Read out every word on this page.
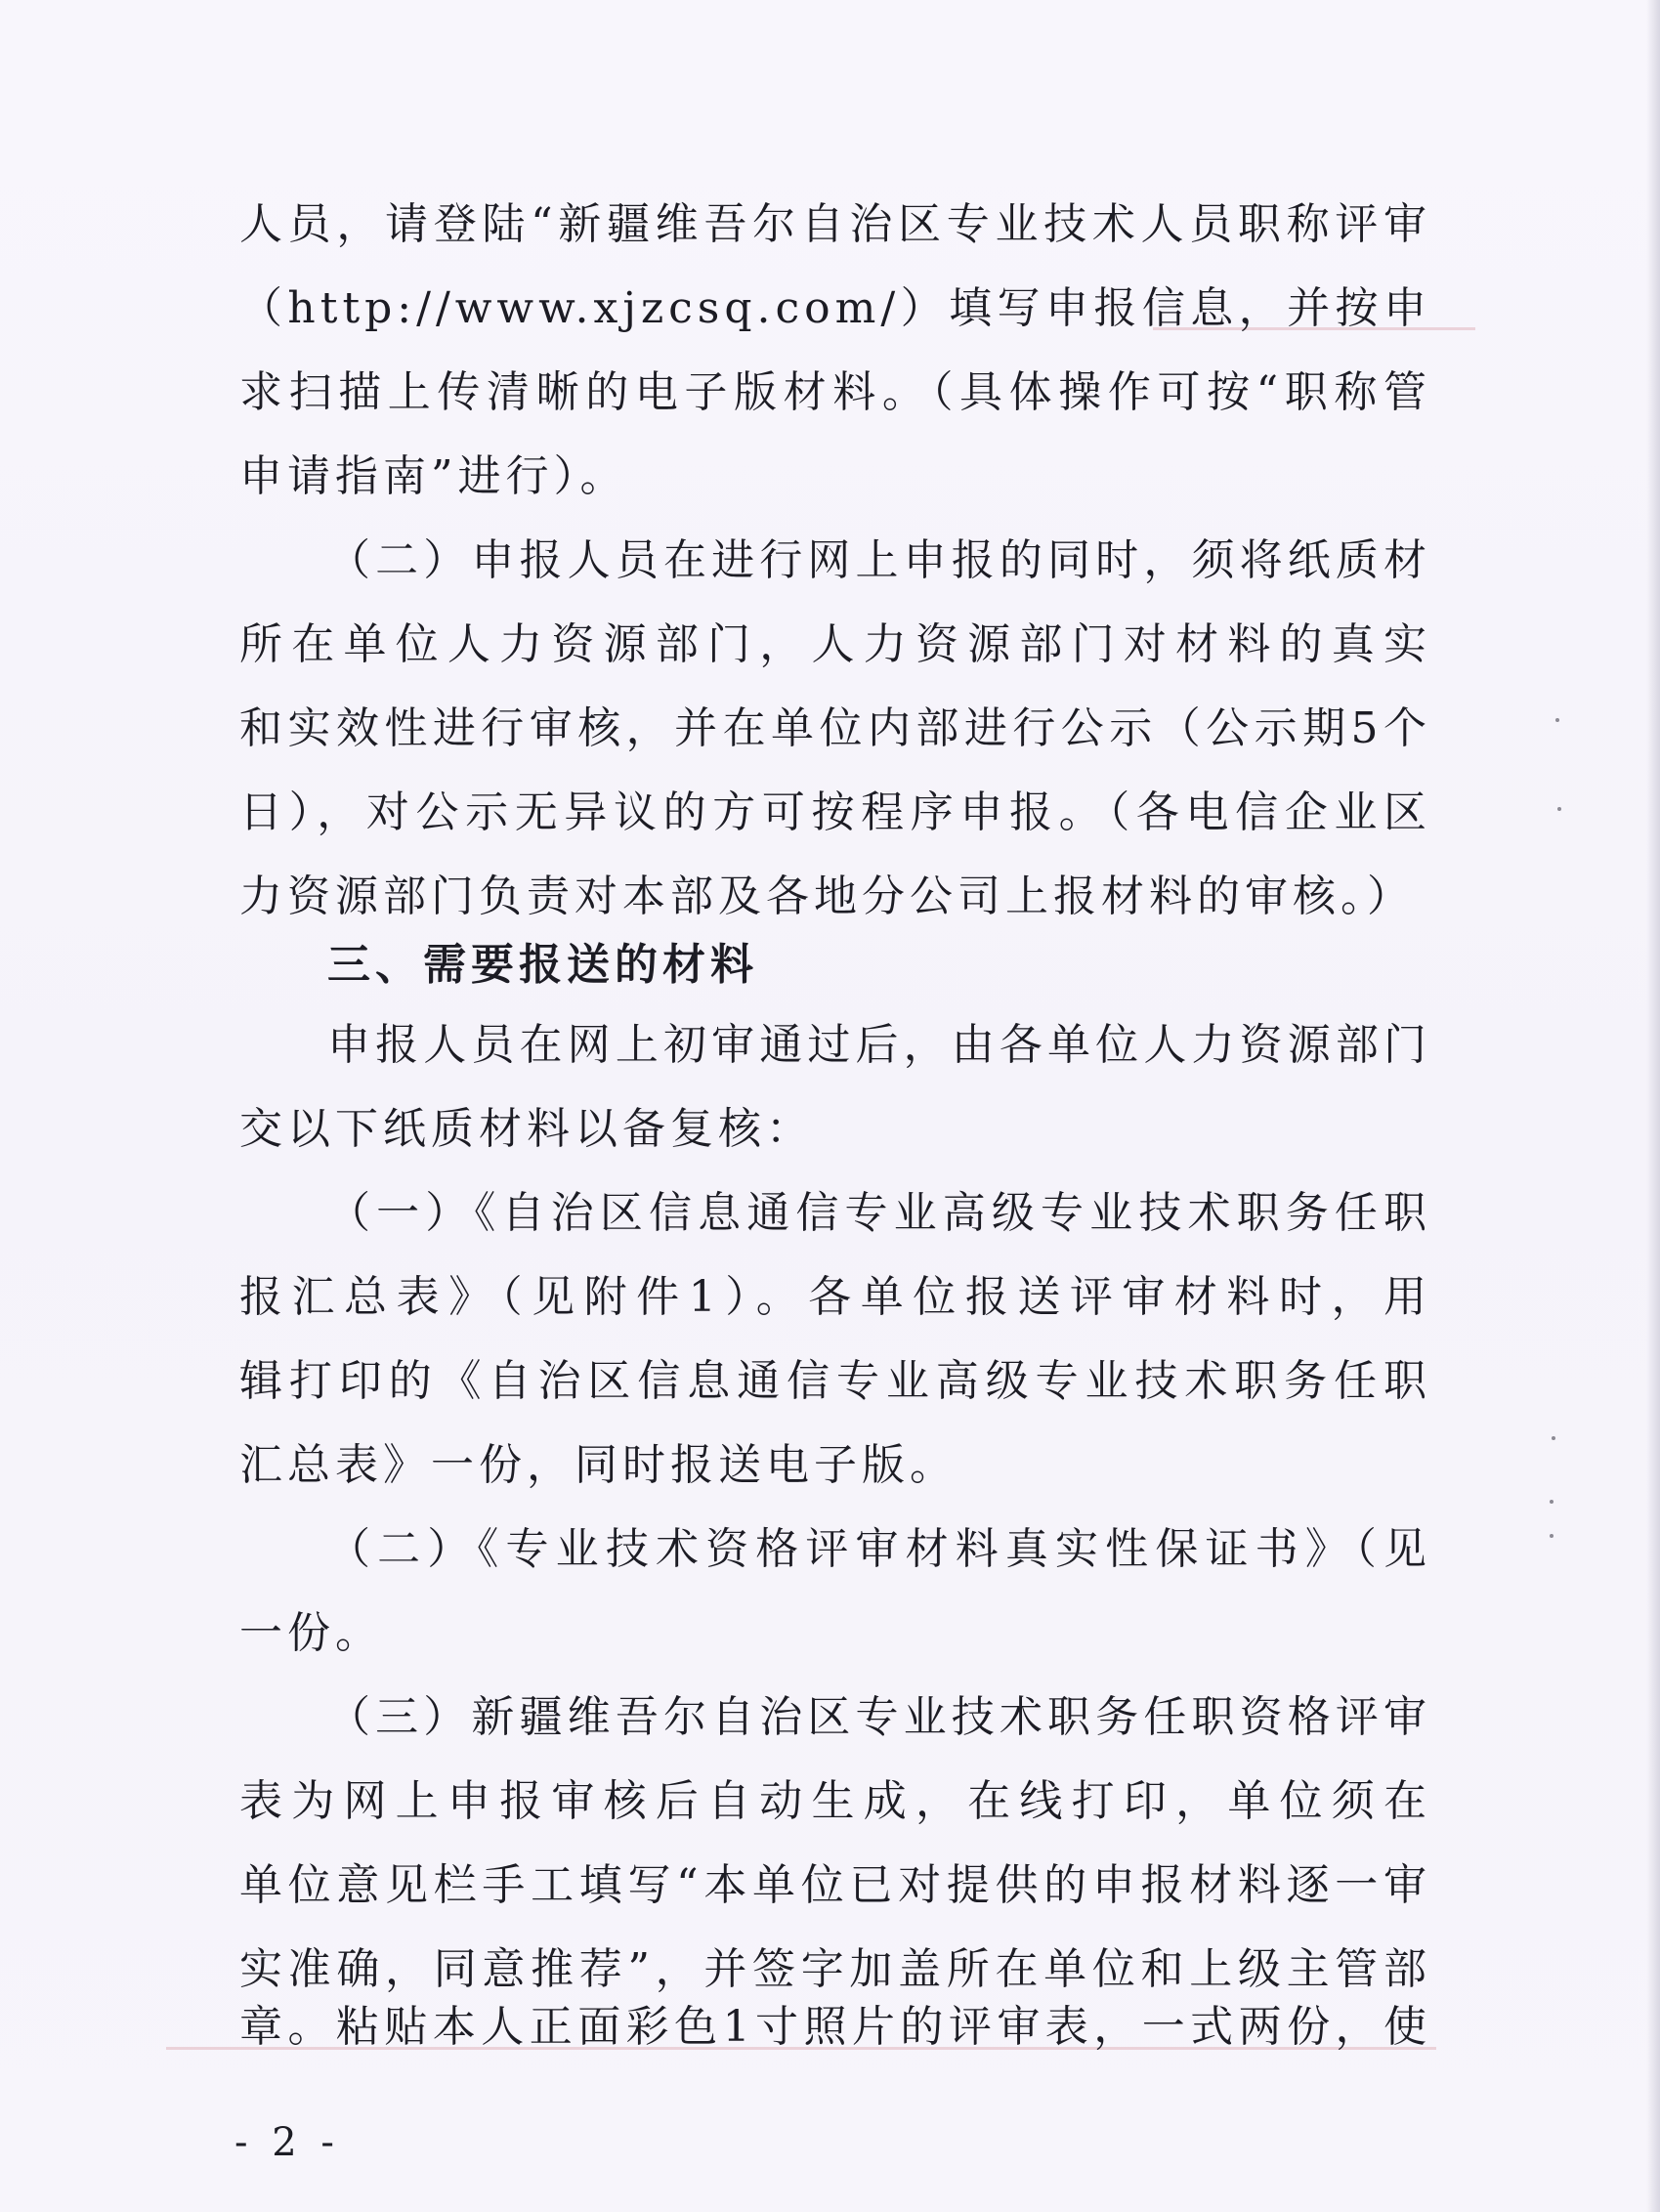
人员，请登陆“新疆维吾尔自治区专业技术人员职称评审
（http://www.xjzcsq.com/）填写申报信息，并按申
求扫描上传清晰的电子版材料。（具体操作可按“职称管
申请指南”进行）。
（二）申报人员在进行网上申报的同时，须将纸质材
所在单位人力资源部门，人力资源部门对材料的真实
和实效性进行审核，并在单位内部进行公示（公示期5个
日），对公示无异议的方可按程序申报。（各电信企业区
力资源部门负责对本部及各地分公司上报材料的审核。）
三、需要报送的材料
申报人员在网上初审通过后，由各单位人力资源部门
交以下纸质材料以备复核：
（一）《自治区信息通信专业高级专业技术职务任职
报汇总表》（见附件1）。各单位报送评审材料时，用
辑打印的《自治区信息通信专业高级专业技术职务任职
汇总表》一份，同时报送电子版。
（二）《专业技术资格评审材料真实性保证书》（见
一份。
（三）新疆维吾尔自治区专业技术职务任职资格评审
表为网上申报审核后自动生成，在线打印，单位须在
单位意见栏手工填写“本单位已对提供的申报材料逐一审
实准确，同意推荐”，并签字加盖所在单位和上级主管部
章。粘贴本人正面彩色1寸照片的评审表，一式两份，使
- 2 -
